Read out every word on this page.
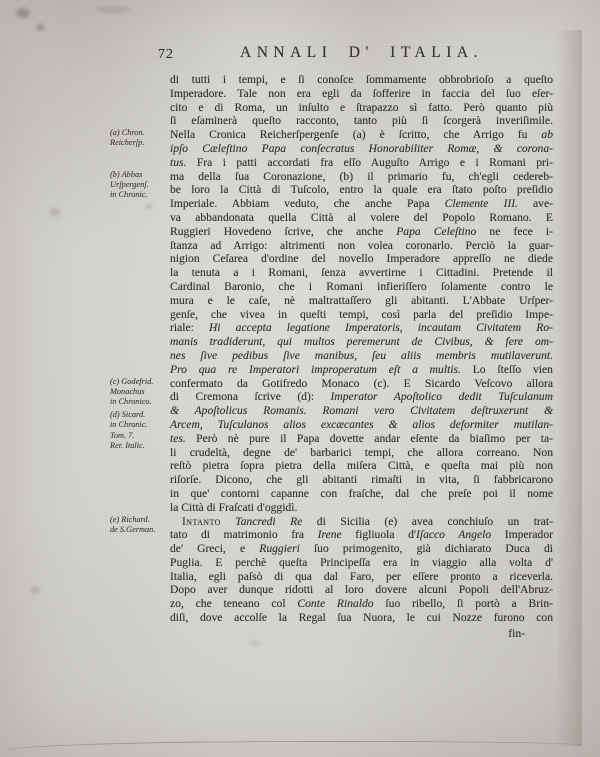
72	ANNALI D' ITALIA.
di tutti i tempi, e ſi conoſce ſommamente obbrobrioſo a queſto
Imperadore. Tale non era egli da ſofferire in faccia del ſuo eſer-
cito e di Roma, un inſulto e ſtrapazzo sì fatto. Però quanto più
ſi eſaminerà queſto racconto, tanto più ſi ſcorgerà inveriſimile.
Nella Cronica Reicherſpergenſe (a) è ſcritto, che Arrigo fu ab
ipſo Cæleſtino Papa conſecratus Honorabiliter Romæ, & corona-
tus. Fra i patti accordati fra eſſo Auguſto Arrigo e i Romani pri-
ma della ſua Coronazione, (b) il primario fu, ch'egli cedereb-
be loro la Città di Tuſcolo, entro la quale era ſtato poſto preſidio
Imperiale. Abbiam veduto, che anche Papa Clemente III. ave-
va abbandonata quella Città al volere del Popolo Romano. E
Ruggieri Hovedeno ſcrive, che anche Papa Celeſtino ne fece i-
ſtanza ad Arrigo: altrimenti non volea coronarlo. Perciò la guar-
nigion Ceſarea d'ordine del novello Imperadore appreſſo ne diede
la tenuta a i Romani, ſenza avvertirne i Cittadini. Pretende il
Cardinal Baronio, che i Romani infieriſſero ſolamente contro le
mura e le caſe, nè maltrattaſſero gli abitanti. L'Abbate Urſper-
genſe, che vivea in queſti tempi, così parla del preſidio Impe-
riale: Hi accepta legatione Imperatoris, incautam Civitatem Ro-
manis tradiderunt, qui multos peremerunt de Civibus, & fere om-
nes ſive pedibus ſive manibus, ſeu aliis membris mutilaverunt.
Pro qua re Imperatori improperatum eſt a multis. Lo ſteſſo vien
confermato da Gotifredo Monaco (c). E Sicardo Veſcovo allora
di Cremona ſcrive (d): Imperator Apoſtolico dedit Tuſculanum
& Apoſtolicus Romanis. Romani vero Civitatem deſtruxerunt &
Arcem, Tuſculanos alios excæcantes & alios deformiter mutilan-
tes. Però nè pure il Papa dovette andar eſente da biaſimo per ta-
li crudeltà, degne de' barbarici tempi, che allora correano. Non
reſtò pietra ſopra pietra della miſera Città, e queſta mai più non
riſorſe. Dicono, che gli abitanti rimaſti in vita, ſi fabbricarono
in que' contorni capanne con fraſche, dal che preſe poi il nome
la Città di Fraſcati d'oggidì.
Intanto Tancredi Re di Sicilia (e) avea conchiuſo un trat-
tato di matrimonio fra Irene figliuola d'Iſacco Angelo Imperador
de' Greci, e Ruggieri ſuo primogenito, già dichiarato Duca di
Puglia. E perchè queſta Principeſſa era in viaggio alla volta d'
Italia, egli paſsò di qua dal Faro, per eſſere pronto a riceverla.
Dopo aver dunque ridotti al loro dovere alcuni Popoli dell'Abruz-
zo, che teneano col Conte Rinaldo ſuo ribello, ſi portò a Brin-
diſi, dove accolſe la Regal ſua Nuora, le cui Nozze furono con
(a) Chron.
Reicherſp.
(b) Abbas
Urſpergenſ.
in Chronic.
(c) Godefrid.
Monachus
in Chronico.
(d) Sicard.
in Chronic.
Tom. 7.
Rer. Italic.
(e) Richard.
de S.German.
fin-
